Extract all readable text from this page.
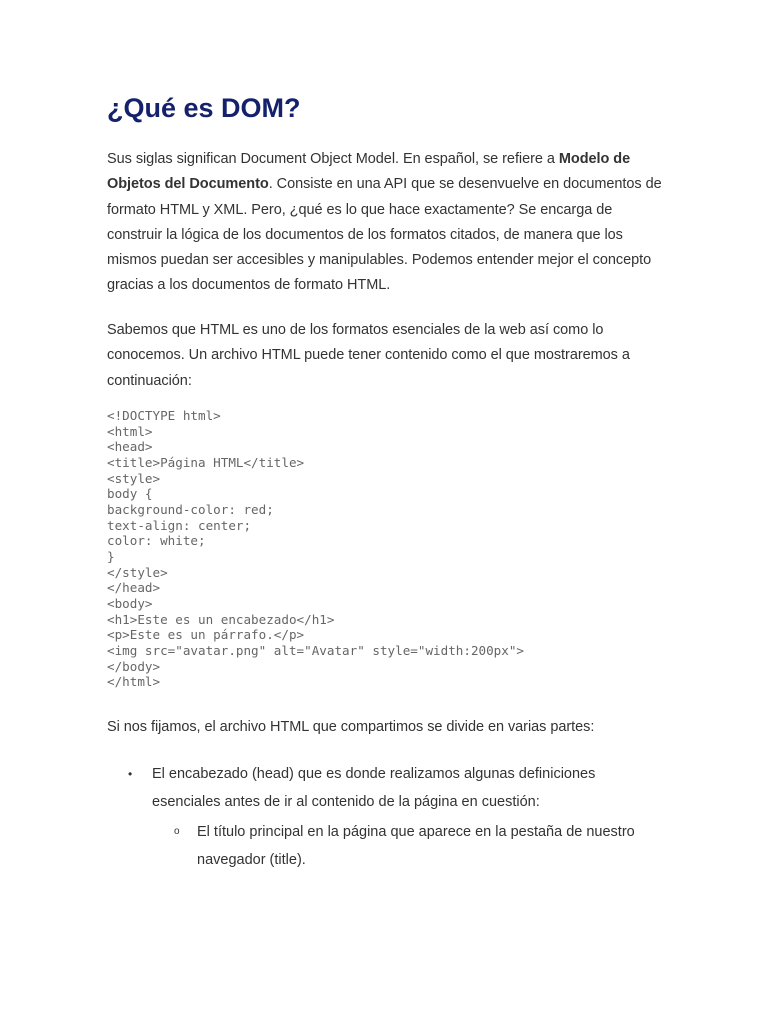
¿Qué es DOM?

Sus siglas significan Document Object Model. En español, se refiere a Modelo de Objetos del Documento. Consiste en una API que se desenvuelve en documentos de formato HTML y XML. Pero, ¿qué es lo que hace exactamente? Se encarga de construir la lógica de los documentos de los formatos citados, de manera que los mismos puedan ser accesibles y manipulables. Podemos entender mejor el concepto gracias a los documentos de formato HTML.

Sabemos que HTML es uno de los formatos esenciales de la web así como lo conocemos. Un archivo HTML puede tener contenido como el que mostraremos a continuación:

<!DOCTYPE html>
<html>
<head>
<title>Página HTML</title>
<style>
body {
background-color: red;
text-align: center;
color: white;
}
</style>
</head>
<body>
<h1>Este es un encabezado</h1>
<p>Este es un párrafo.</p>
<img src="avatar.png" alt="Avatar" style="width:200px">
</body>
</html>

Si nos fijamos, el archivo HTML que compartimos se divide en varias partes:

• El encabezado (head) que es donde realizamos algunas definiciones esenciales antes de ir al contenido de la página en cuestión:
o El título principal en la página que aparece en la pestaña de nuestro navegador (title).
